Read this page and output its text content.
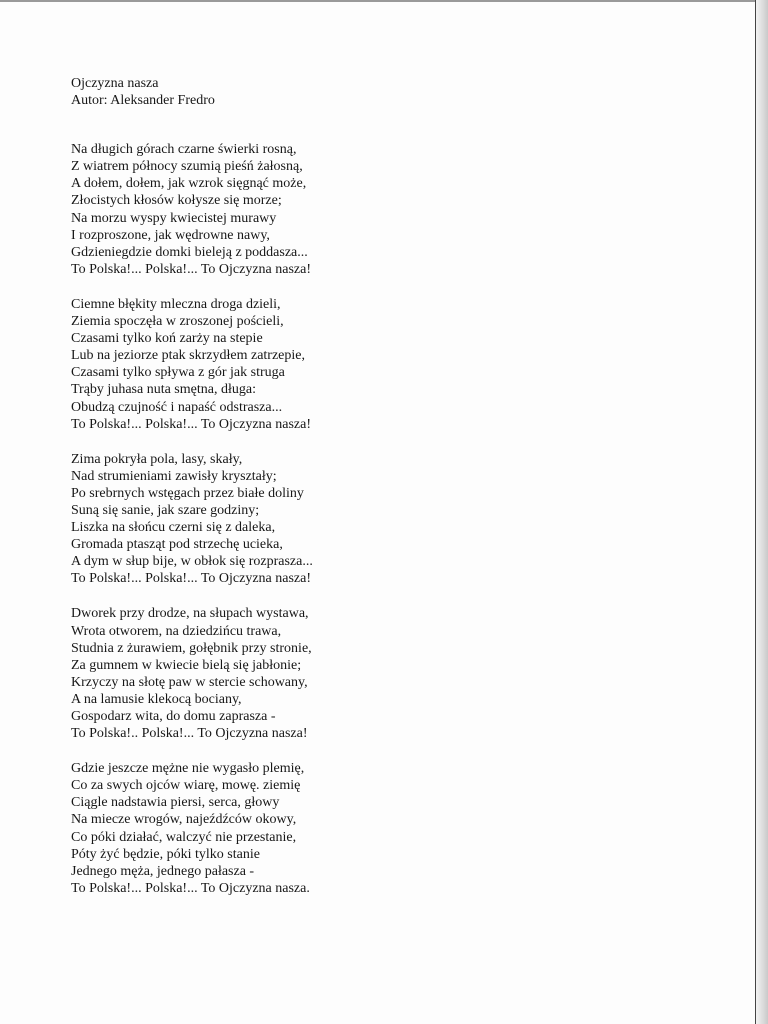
Ojczyzna nasza
Autor: Aleksander Fredro
Na długich górach czarne świerki rosną,
Z wiatrem północy szumią pieśń żałosną,
A dołem, dołem, jak wzrok sięgnąć może,
Złocistych kłosów kołysze się morze;
Na morzu wyspy kwiecistej murawy
I rozproszone, jak wędrowne nawy,
Gdzieniegdzie domki bieleją z poddasza...
To Polska!... Polska!... To Ojczyzna nasza!
Ciemne błękity mleczna droga dzieli,
Ziemia spoczęła w zroszonej pościeli,
Czasami tylko koń zarży na stepie
Lub na jeziorze ptak skrzydłem zatrzepie,
Czasami tylko spływa z gór jak struga
Trąby juhasa nuta smętna, długa:
Obudzą czujność i napaść odstrasza...
To Polska!... Polska!... To Ojczyzna nasza!
Zima pokryła pola, lasy, skały,
Nad strumieniami zawisły kryształy;
Po srebrnych wstęgach przez białe doliny
Suną się sanie, jak szare godziny;
Liszka na słońcu czerni się z daleka,
Gromada ptasząt pod strzechę ucieka,
A dym w słup bije, w obłok się rozprasza...
To Polska!... Polska!... To Ojczyzna nasza!
Dworek przy drodze, na słupach wystawa,
Wrota otworem, na dziedzińcu trawa,
Studnia z żurawiem, gołębnik przy stronie,
Za gumnem w kwiecie bielą się jabłonie;
Krzyczy na słotę paw w stercie schowany,
A na lamusie klekocą bociany,
Gospodarz wita, do domu zaprasza -
To Polska!.. Polska!... To Ojczyzna nasza!
Gdzie jeszcze mężne nie wygasło plemię,
Co za swych ojców wiarę, mowę. ziemię
Ciągle nadstawia piersi, serca, głowy
Na miecze wrogów, najeźdźców okowy,
Co póki działać, walczyć nie przestanie,
Póty żyć będzie, póki tylko stanie
Jednego męża, jednego pałasza -
To Polska!... Polska!... To Ojczyzna nasza.
